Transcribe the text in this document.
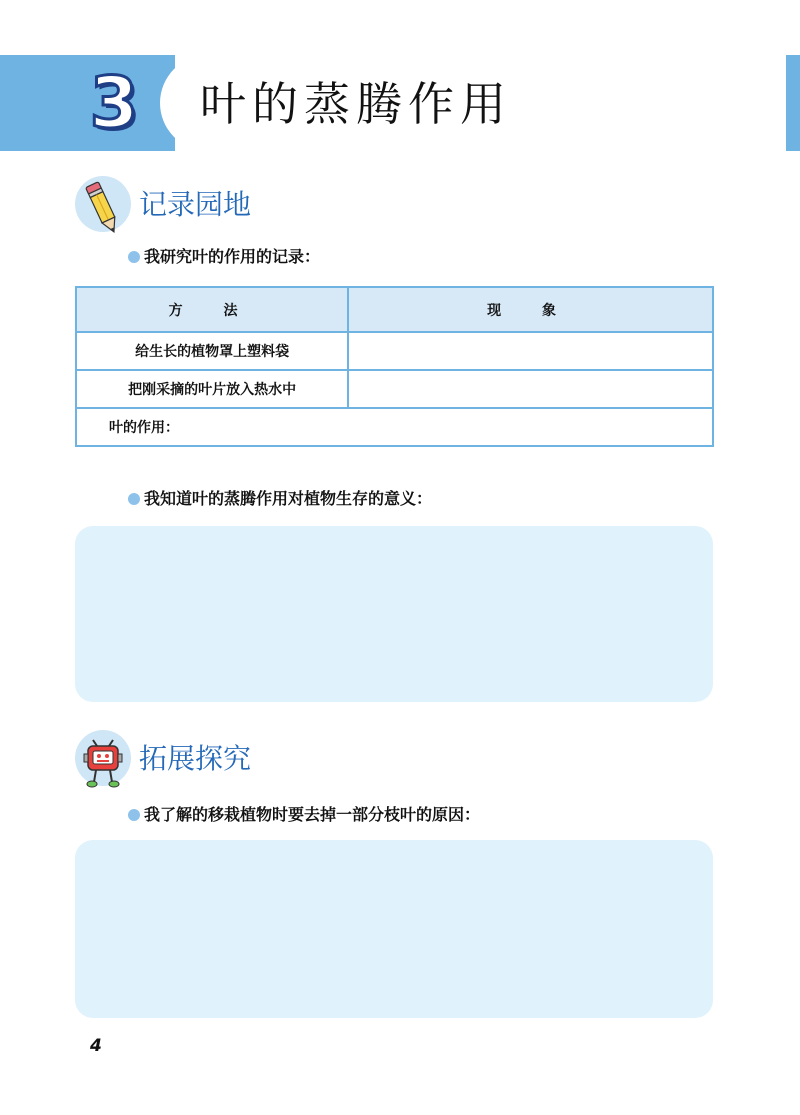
3 叶的蒸腾作用
记录园地
我研究叶的作用的记录：
方 法	现 象
给生长的植物罩上塑料袋	
把刚采摘的叶片放入热水中	
叶的作用：	
我知道叶的蒸腾作用对植物生存的意义：
拓展探究
我了解的移栽植物时要去掉一部分枝叶的原因：
4
